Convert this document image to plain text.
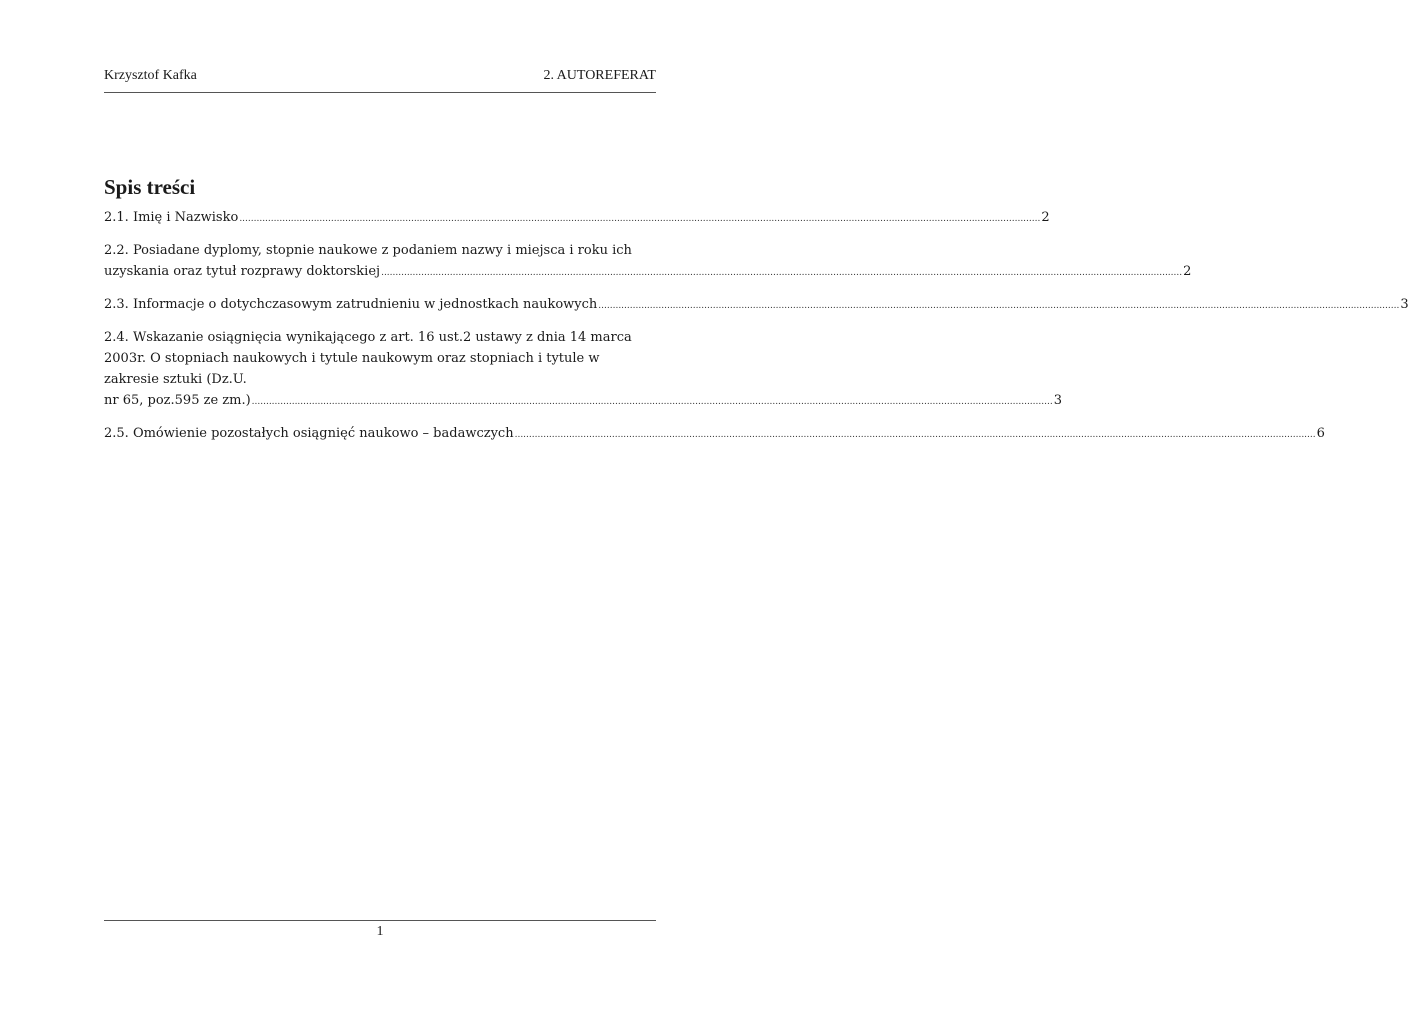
Krzysztof Kafka	2. AUTOREFERAT
Spis treści
2.1. Imię i Nazwisko .....	2
2.2. Posiadane dyplomy, stopnie naukowe z podaniem nazwy i miejsca i roku ich
uzyskania oraz tytuł rozprawy doktorskiej .....	2
2.3. Informacje o dotychczasowym zatrudnieniu w jednostkach naukowych .....	3
2.4. Wskazanie osiągnięcia wynikającego z art. 16 ust.2 ustawy z dnia 14 marca 2003r. O stopniach naukowych i tytule naukowym oraz stopniach i tytule w zakresie sztuki (Dz.U.
nr 65, poz.595 ze zm.) .....	3
2.5. Omówienie pozostałych osiągnięć naukowo – badawczych .....	6
1
